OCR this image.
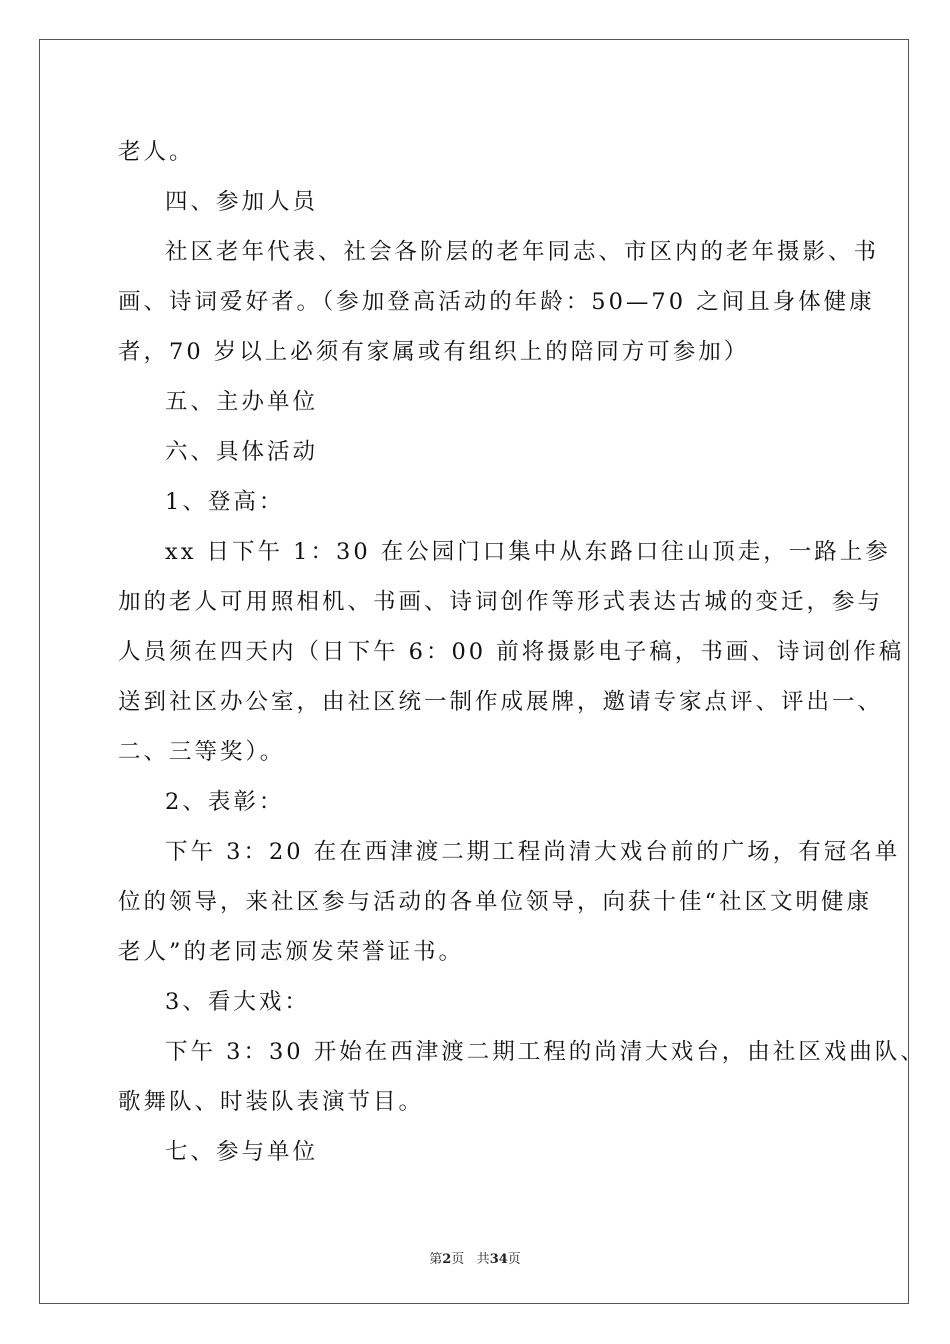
老人。
四、参加人员
社区老年代表、社会各阶层的老年同志、市区内的老年摄影、书
画、诗词爱好者。（参加登高活动的年龄：50—70 之间且身体健康
者，70 岁以上必须有家属或有组织上的陪同方可参加）
五、主办单位
六、具体活动
1、登高：
xx 日下午 1：30 在公园门口集中从东路口往山顶走，一路上参
加的老人可用照相机、书画、诗词创作等形式表达古城的变迁，参与
人员须在四天内（日下午 6：00 前将摄影电子稿，书画、诗词创作稿
送到社区办公室，由社区统一制作成展牌，邀请专家点评、评出一、
二、三等奖）。
2、表彰：
下午 3：20 在在西津渡二期工程尚清大戏台前的广场，有冠名单
位的领导，来社区参与活动的各单位领导，向获十佳“社区文明健康
老人”的老同志颁发荣誉证书。
3、看大戏：
下午 3：30 开始在西津渡二期工程的尚清大戏台，由社区戏曲队、
歌舞队、时装队表演节目。
七、参与单位
第2页 共34页
